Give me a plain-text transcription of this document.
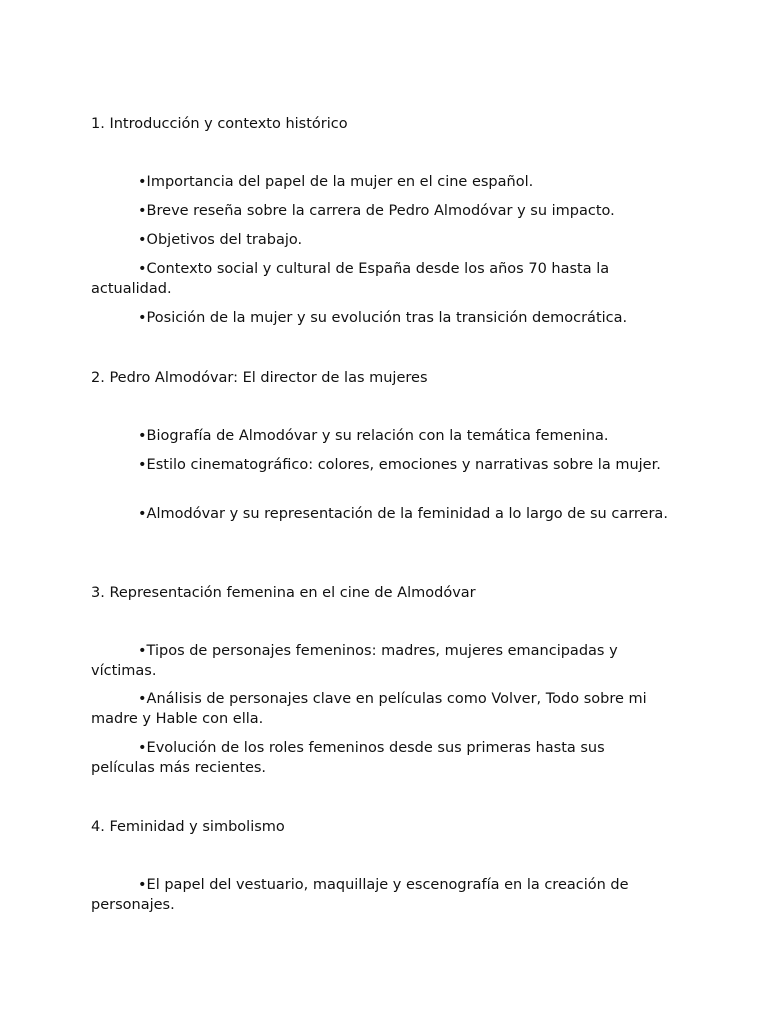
1. Introducción y contexto histórico

•Importancia del papel de la mujer en el cine español.

•Breve reseña sobre la carrera de Pedro Almodóvar y su impacto.

•Objetivos del trabajo.

•Contexto social y cultural de España desde los años 70 hasta la actualidad.

•Posición de la mujer y su evolución tras la transición democrática.

2. Pedro Almodóvar: El director de las mujeres

•Biografía de Almodóvar y su relación con la temática femenina.

•Estilo cinematográfico: colores, emociones y narrativas sobre la mujer.

•Almodóvar y su representación de la feminidad a lo largo de su carrera.

3. Representación femenina en el cine de Almodóvar

•Tipos de personajes femeninos: madres, mujeres emancipadas y víctimas.

•Análisis de personajes clave en películas como Volver, Todo sobre mi madre y Hable con ella.

•Evolución de los roles femeninos desde sus primeras hasta sus películas más recientes.

4. Feminidad y simbolismo

•El papel del vestuario, maquillaje y escenografía en la creación de personajes.
